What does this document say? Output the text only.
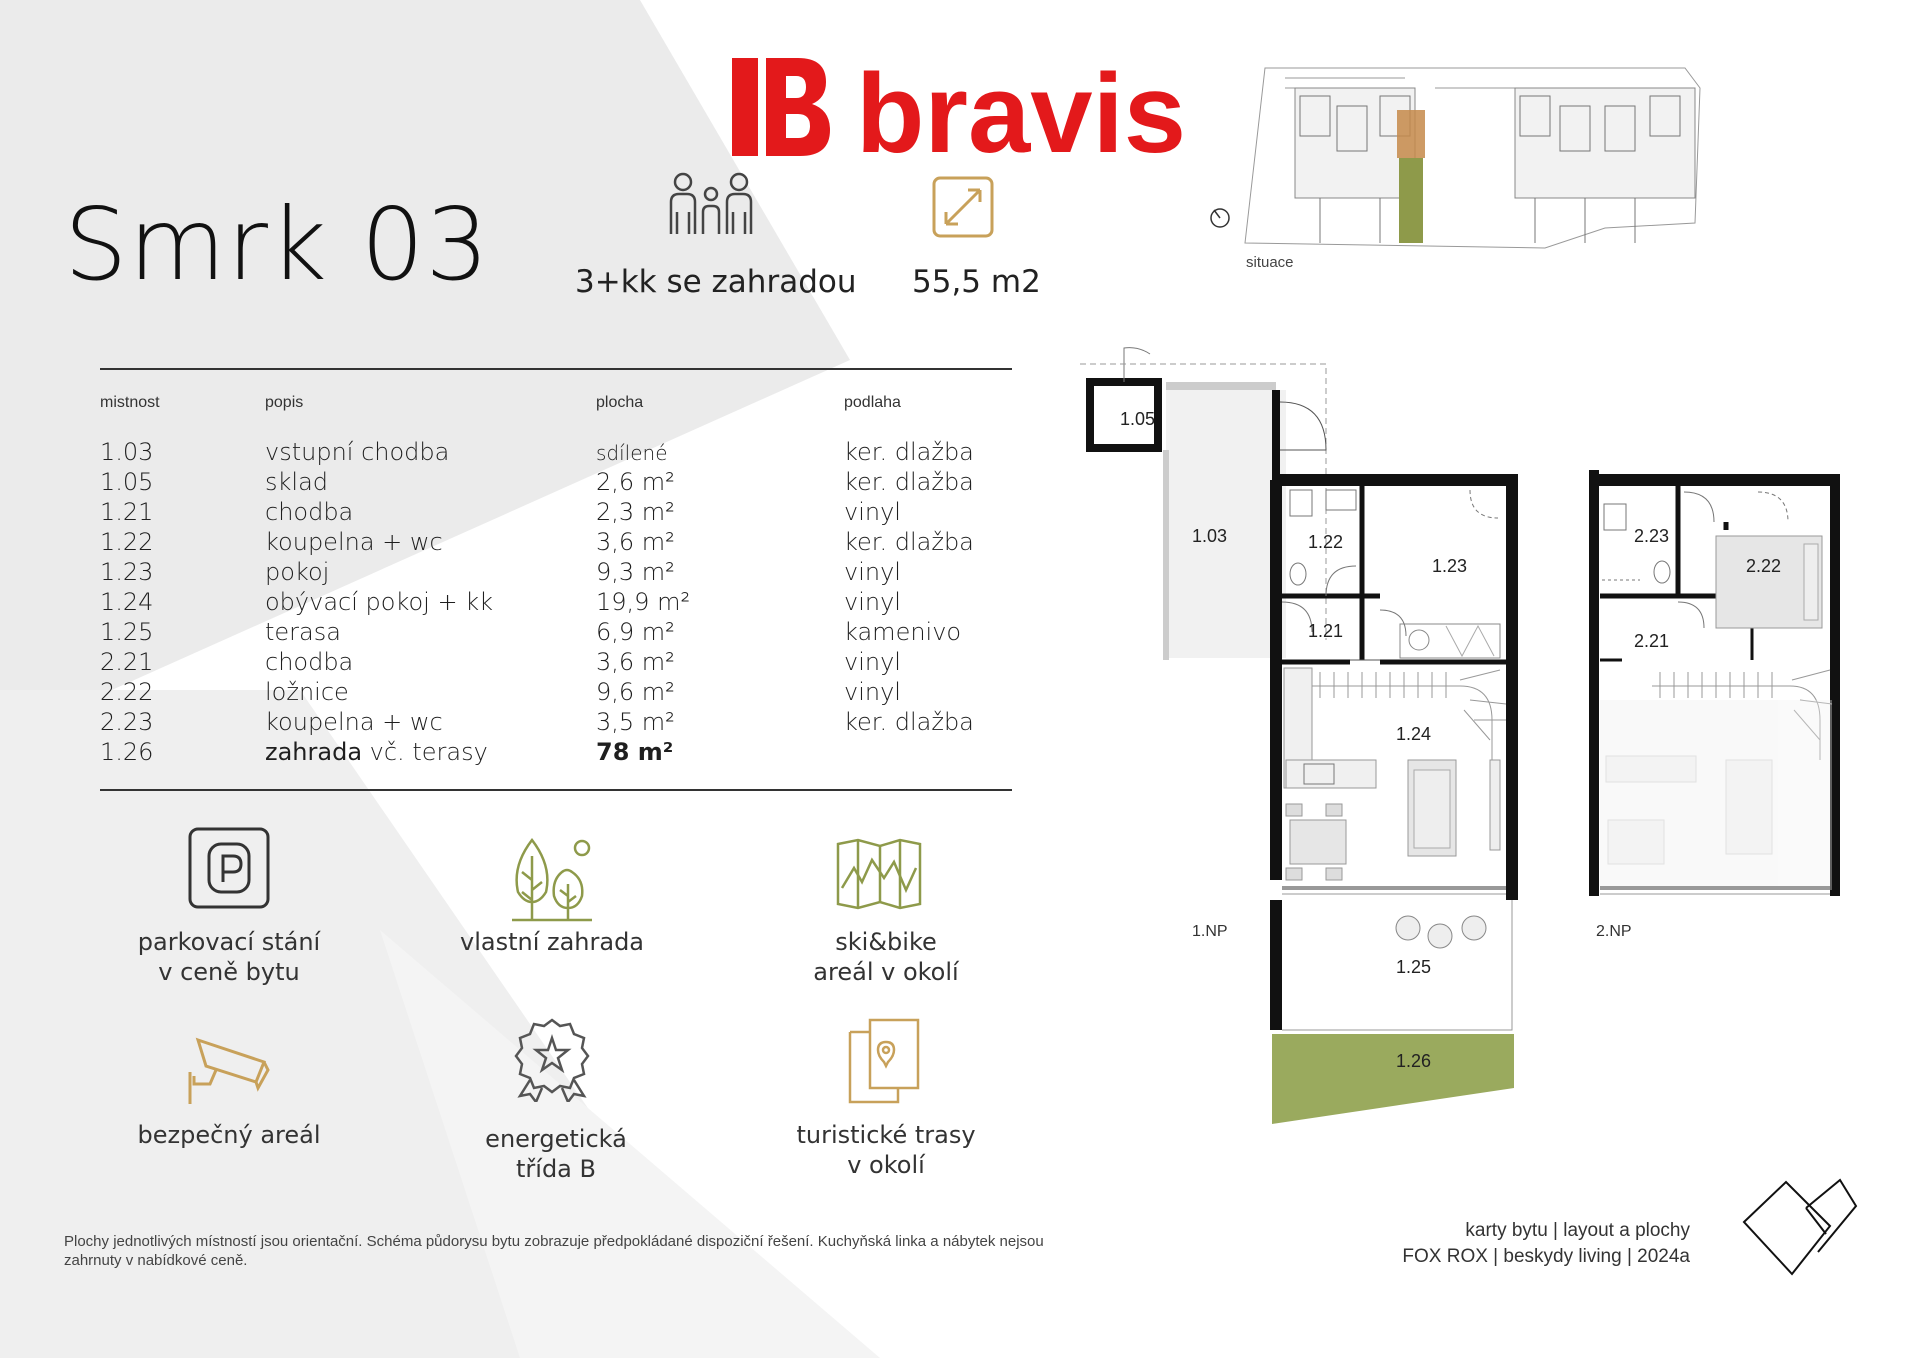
bravis
Smrk 03	3+kk se zahradou 55,5 m2
situace
mistnost	popis	plocha	podlaha
1.03	vstupní chodba	sdílené	ker. dlažba
1.05	sklad	2,6 m²	ker. dlažba
1.21	chodba	2,3 m²	vinyl
1.22	koupelna + wc	3,6 m²	ker. dlažba
1.23	pokoj	9,3 m²	vinyl
1.24	obývací pokoj + kk	19,9 m²	vinyl
1.25	terasa	6,9 m²	kamenivo
2.21	chodba	3,6 m²	vinyl
2.22	ložnice	9,6 m²	vinyl
2.23	koupelna + wc	3,5 m²	ker. dlažba
1.26	zahrada vč. terasy	78 m²
parkovací stání
v ceně bytu
vlastní zahrada	ski&bike
areál v okolí
bezpečný areál	energetická
třída B
turistické trasy
v okolí
1.05
1.03	1.22
1.23
1.21
1.24
1.25
1.26
1.NP
2.23
2.22
2.21
2.NP
Plochy jednotlivých místností jsou orientační. Schéma půdorysu bytu zobrazuje předpokládané dispoziční řešení. Kuchyňská linka a nábytek nejsou
zahrnuty v nabídkové ceně.
karty bytu | layout a plochy
FOX ROX | beskydy living | 2024a
